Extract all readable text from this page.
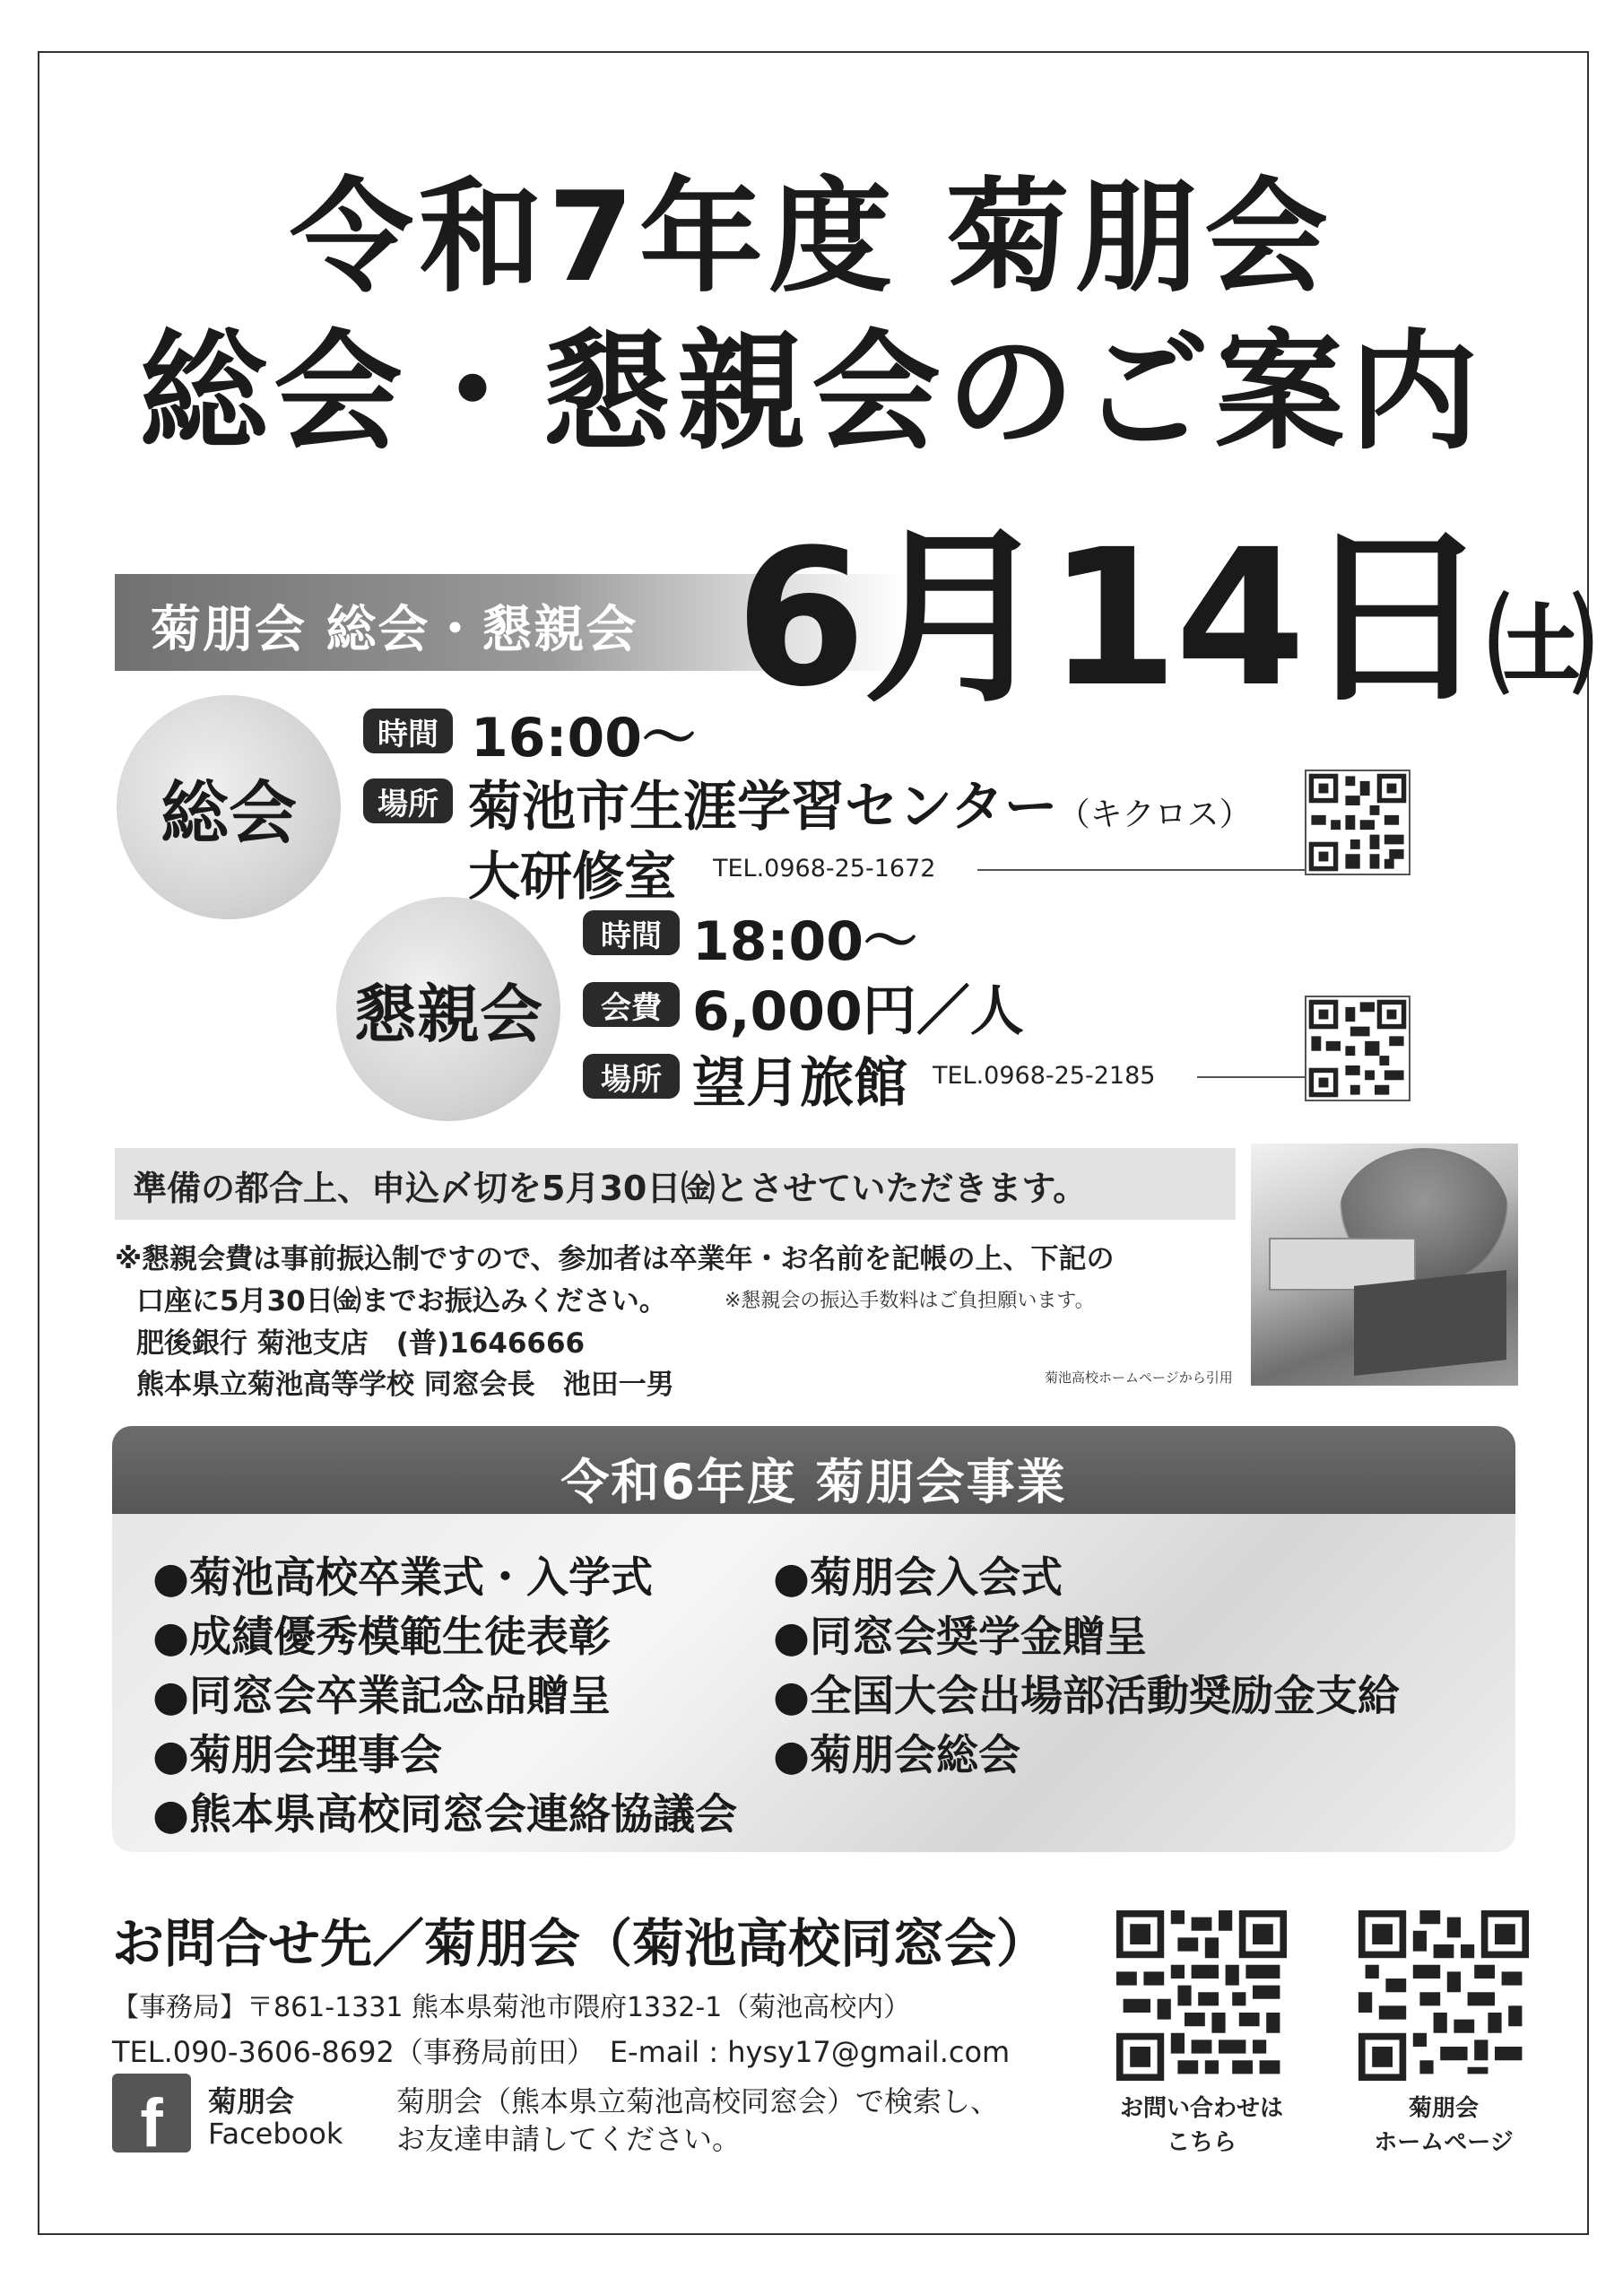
令和7年度 菊朋会
総会・懇親会のご案内
菊朋会 総会・懇親会 6月14日㈯
総会
時間 16:00～
場所 菊池市生涯学習センター（キクロス）
大研修室 TEL.0968-25-1672
懇親会
時間 18:00～
会費 6,000円／人
場所 望月旅館 TEL.0968-25-2185
準備の都合上、申込〆切を5月30日㈮とさせていただきます。
※懇親会費は事前振込制ですので、参加者は卒業年・お名前を記帳の上、下記の
口座に5月30日㈮までお振込みください。	※懇親会の振込手数料はご負担願います。
肥後銀行 菊池支店　(普)1646666
熊本県立菊池高等学校 同窓会長　池田一男	菊池高校ホームページから引用
令和6年度 菊朋会事業
●菊池高校卒業式・入学式
●成績優秀模範生徒表彰
●同窓会卒業記念品贈呈
●菊朋会理事会
●熊本県高校同窓会連絡協議会
●菊朋会入会式
●同窓会奨学金贈呈
●全国大会出場部活動奨励金支給
●菊朋会総会
お問合せ先／菊朋会（菊池高校同窓会）
【事務局】〒861-1331 熊本県菊池市隈府1332-1（菊池高校内）
TEL.090-3606-8692（事務局前田）　E-mail : hysy17@gmail.com
f 菊朋会
Facebook
菊朋会（熊本県立菊池高校同窓会）で検索し、
お友達申請してください。
お問い合わせは
こちら
菊朋会
ホームページ
